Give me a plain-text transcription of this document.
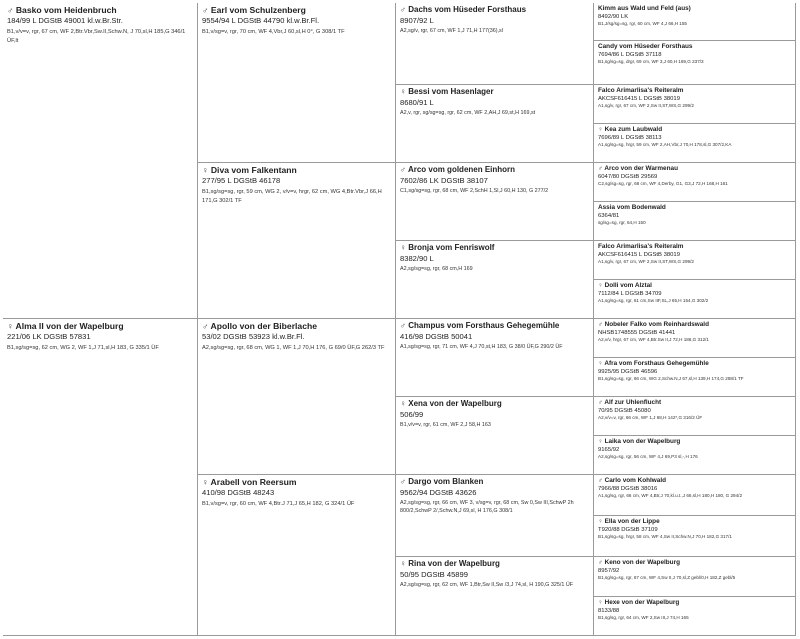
♂ Basko vom Heidenbruch
184/99 L DGStB 49001 kl.w.Br.Str.
B1,v/v=v, rgr, 67 cm, WF 2,Btr.Vbr,Sw.II,Schw.N, J 70,sl,H 185,G 346/1 ÜF,lt
♀ Alma II von der Wapelburg
221/06 LK DGStB 57831
B1,sg/sg=sg, 62 cm, WG 2, WF 1,J 71,sl,H 183, G 335/1 ÜF
♂ Earl vom Schulzenberg
9554/94 L DGStB 44790 kl.w.Br.Fl.
B1,v/sg=v, rgr, 70 cm, WF 4,Vbr,J 60,sl,H 0°, G 308/1 TF
♀ Diva vom Falkentann
277/95 L DGStB 46178
B1,sg/sg=sg, rgr, 59 cm, WG 2, v/v=v, hrgr, 62 cm, WG 4,Btr.Vbr,J 66,H 171,G 302/1 TF
♂ Apollo von der Biberlache
53/02 DGStB 53923 kl.w.Br.Fl.
A2,sg/sg=sg, rgr, 68 cm, WG 1, WF 1,J 70,H 176, G 69/0 ÜF,G 262/3 TF
♀ Arabell von Reersum
410/98 DGStB 48243
B1,v/sg=v, rgr, 60 cm, WF 4,Btr.J 71,J 65,H 182, G 324/1 ÜF
♂ Dachs vom Hüseder Forsthaus
8907/92 L
A2,sg/v, rgr, 67 cm, WF 1,J 71,H 177(36),sl
♀ Bessi vom Hasenlager
8680/91 L
A2,v, rgr, sg/sg=sg, rgr, 62 cm, WF 2,AH,J 69,st,H 169,st
♂ Arco vom goldenen Einhorn
7602/86 LK DGStB 38107
C1,sg/sg=sg, rgr, 68 cm, WF 2,SchH 1,Sl,J 60,H 130, G 277/2
♀ Bronja vom Fenriswolf
8382/90 L
A2,sg/sg=sg, rgr, 68 cm,H 169
♂ Champus vom Forsthaus Gehegemühle
416/98 DGStB 50041
A1,sg/sg=sg, rgr, 71 cm, WF 4,J 70,st,H 183, G 38/0 ÜF,G 290/2 ÜF
♀ Xena von der Wapelburg
506/99
B1,v/v=v, rgr, 61 cm, WF 2,J 58,H 163
♂ Dargo vom Blanken
9562/94 DGStB 43626
A2,sg/sg=sg, rgr, 66 cm, WF 3, v/sg=v, rgr, 68 cm, Sw 0,Sw III,SchwP 2h 800/2,SchwP 2/,Schw.N,J 69,sl, H 176,G 308/1
♀ Rina von der Wapelburg
50/95 DGStB 45899
A2,sg/sg=sg, rgr, 62 cm, WF 1,Btr,Sw II,Sw /3,J 74,sl, H 190,G 325/1 ÜF
Kimm aus Wald und Feld (aus)
8492/90 LK
B1,J/sg/sg=sg, rgr, 60 cm, WF 4,J 66,H 155
Candy vom Hüseder Forsthaus
7694/86 L DGStB 37118
B1,sg/sg=sg, drgr, 69 cm, WF 3,J 60,H 169,G 237/3
Falco Arimarlisa's Reiteralm
AKCSF616415 L DGStB 38019
A1,sg/v, rgr, 67 cm, WF 2,Sw II,ST,WS,G 299/2
♀ Kea zum Laubwald
7696/89 L DGStB 38113
A1,sg/sg=sg, hrgr, 59 cm, WF 2,AH,Vbr,J 70,H 178,sl,G 307/2,KA
♂ Arco von der Warmenau
6047/80 DGStB 29569
C2,sg/sg=sg, rgr, 68 cm, WF 4,Derby, G1, G3,J 72,H 168,H 161
Assia vom Bodenwald
6364/81
sg/sg=sg, rgr, 64,H 150
Falco Arimarlisa's Reiteralm
AKCSF616415 L DGStB 38019
A1,sg/v, rgr, 67 cm, WF 2,Sw II,ST,WS,G 299/2
♀ Dolli vom Alztal
7112/84 L DGStB 34709
A1,sg/sg=sg, rgr, 61 cm,Sw IIF,SL,J 65,H 154,G 302/2
♂ Nobeler Falko vom Reinhardswald
NHSB1748555 DGStB 41441
A2,v/v, hrgr, 67 cm, WF 4,Btr.Sw II,J 72,H 186,G 312/1
♀ Afra vom Forsthaus Gehegemühle
9925/95 DGStB 46596
B1,sg/sg=sg, rgr, 66 cm, WG 2,Schw.N,J 67,sl,H 139,H 174,G 288/1 TF
♂ Alf zur Uhlenflucht
70/95 DGStB 45080
A2,v/v=v, rgr, 66 cm, WF 1,J 68,H 142*,G 316/2 ÜF
♀ Laika von der Wapelburg
9165/92
A2,sg/sg=sg, rgr, 56 cm, WF 4,J 69,P3 sl,-,H 176
♂ Carlo vom Kohlwald
7966/88 DGStB 38016
A1,sg/sg, rgr, 66 cm, WF 4,Btr,J 70,kl.u.t.,J 66,sl,H 180,H 180, G 294/2
♀ Ella von der Lippe
T920/88 DGStB 37109
B1,sg/sg=sg, hrgr, 58 cm, WF 4,Sw II,Schw.N,J 70,H 182,G 317/1
♂ Keno von der Wapelburg
8957/92
B1,sg/sg=sg, rgr, 67 cm, WF 4,Sw II,J 70,sl,Z gebl/0,H 182,Z gebl/5
♀ Hexe von der Wapelburg
8133/88
B1,sg/sg, rgr, 64 cm, WF 2,Sw III,J 74,H 165
